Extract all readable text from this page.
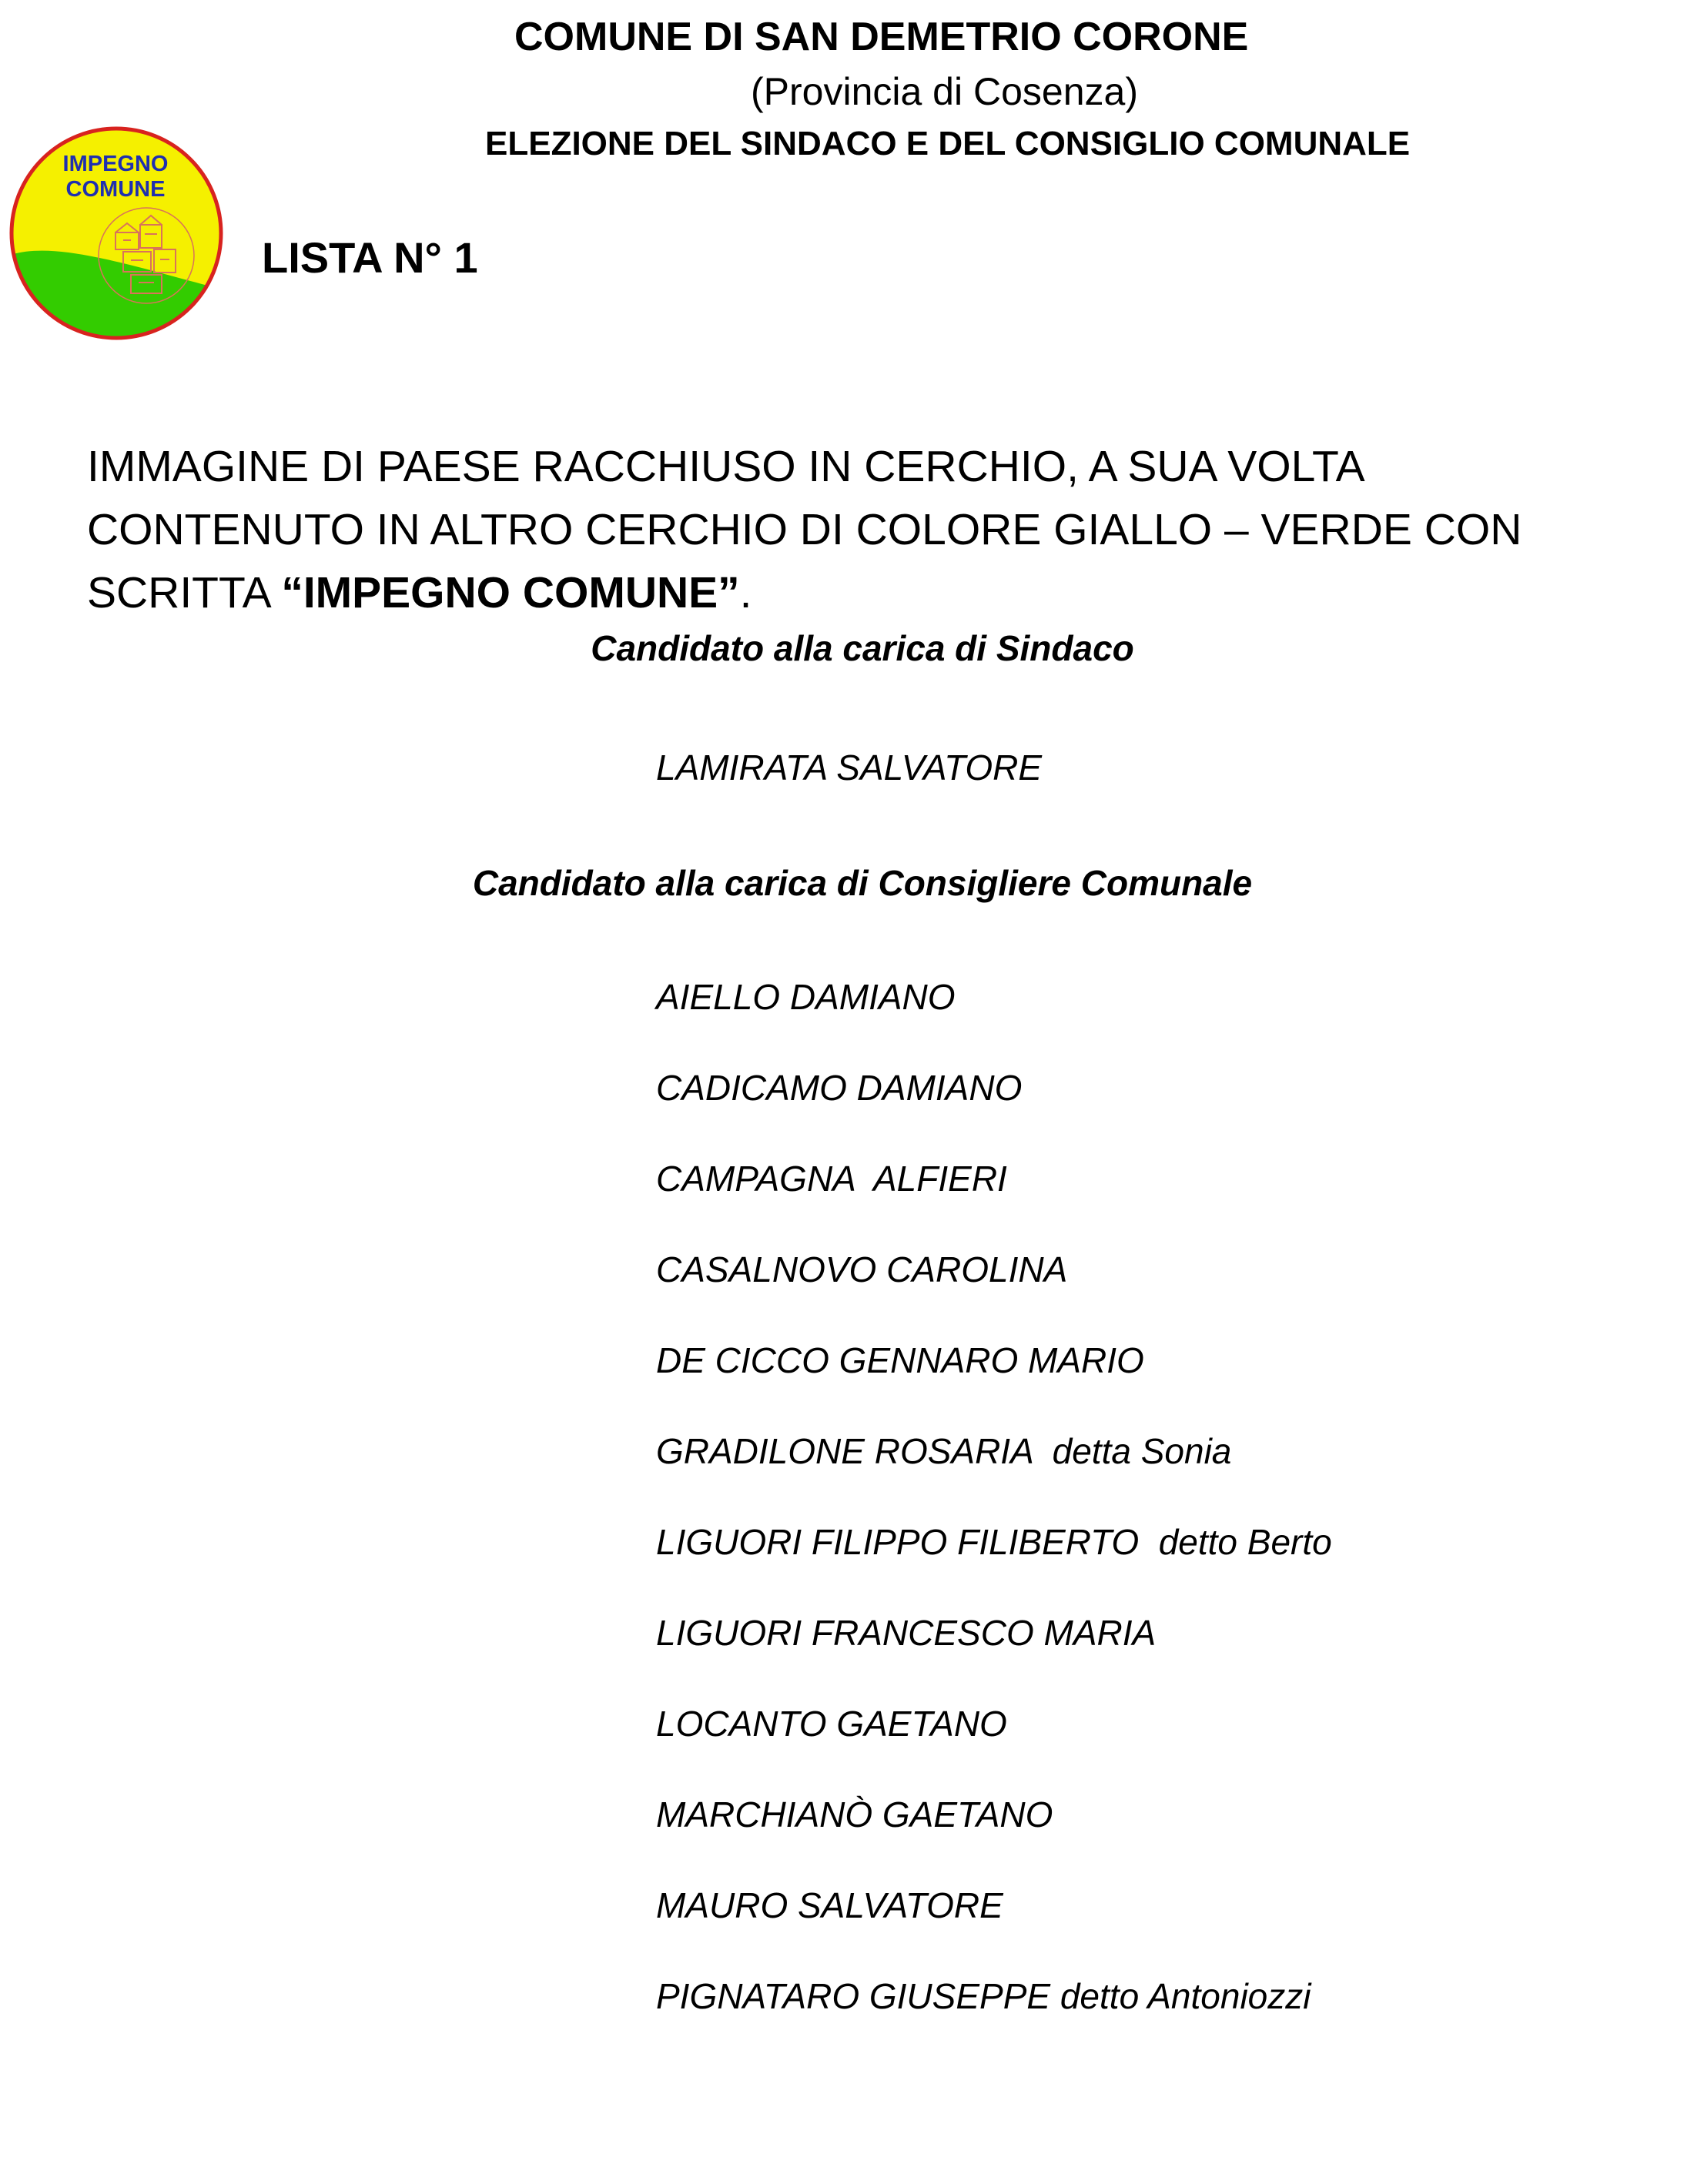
COMUNE DI SAN DEMETRIO CORONE
(Provincia di Cosenza)
ELEZIONE DEL SINDACO E DEL CONSIGLIO COMUNALE
IMPEGNO
COMUNE
LISTA N° 1
IMMAGINE DI PAESE RACCHIUSO IN CERCHIO, A SUA VOLTA CONTENUTO IN ALTRO CERCHIO DI COLORE GIALLO – VERDE CON SCRITTA “IMPEGNO COMUNE”.
Candidato alla carica di Sindaco
LAMIRATA SALVATORE
Candidato alla carica di Consigliere Comunale
AIELLO DAMIANO
CADICAMO DAMIANO
CAMPAGNA  ALFIERI
CASALNOVO CAROLINA
DE CICCO GENNARO MARIO
GRADILONE ROSARIA  detta Sonia
LIGUORI FILIPPO FILIBERTO  detto Berto
LIGUORI FRANCESCO MARIA
LOCANTO GAETANO
MARCHIANÒ GAETANO
MAURO SALVATORE
PIGNATARO GIUSEPPE detto Antoniozzi
